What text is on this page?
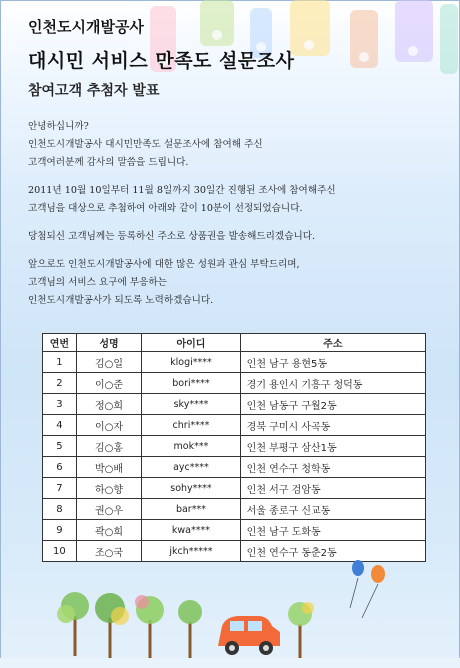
인천도시개발공사
대시민 서비스 만족도 설문조사
참여고객 추첨자 발표

안녕하십니까?
인천도시개발공사 대시민만족도 설문조사에 참여해 주신
고객여러분께 감사의 말씀을 드립니다.

2011년 10월 10일부터 11월 8일까지 30일간 진행된 조사에 참여해주신
고객님을 대상으로 추첨하여 아래와 같이 10분이 선정되었습니다.

당첨되신 고객님께는 등록하신 주소로 상품권을 발송해드리겠습니다.

앞으로도 인천도시개발공사에 대한 많은 성원과 관심 부탁드리며,
고객님의 서비스 요구에 부응하는
인천도시개발공사가 되도록 노력하겠습니다.

연번	성명	아이디	주소
1	김○일	klogi****	인천 남구 용현5동
2	이○준	bori****	경기 용인시 기흥구 청덕동
3	정○희	sky****	인천 남동구 구월2동
4	이○자	chri****	경북 구미시 사곡동
5	김○홍	mok***	인천 부평구 삼산1동
6	박○배	ayc****	인천 연수구 청학동
7	하○향	sohy****	인천 서구 검암동
8	권○우	bar***	서울 종로구 신교동
9	곽○희	kwa****	인천 남구 도화동
10	조○국	jkch*****	인천 연수구 동춘2동
